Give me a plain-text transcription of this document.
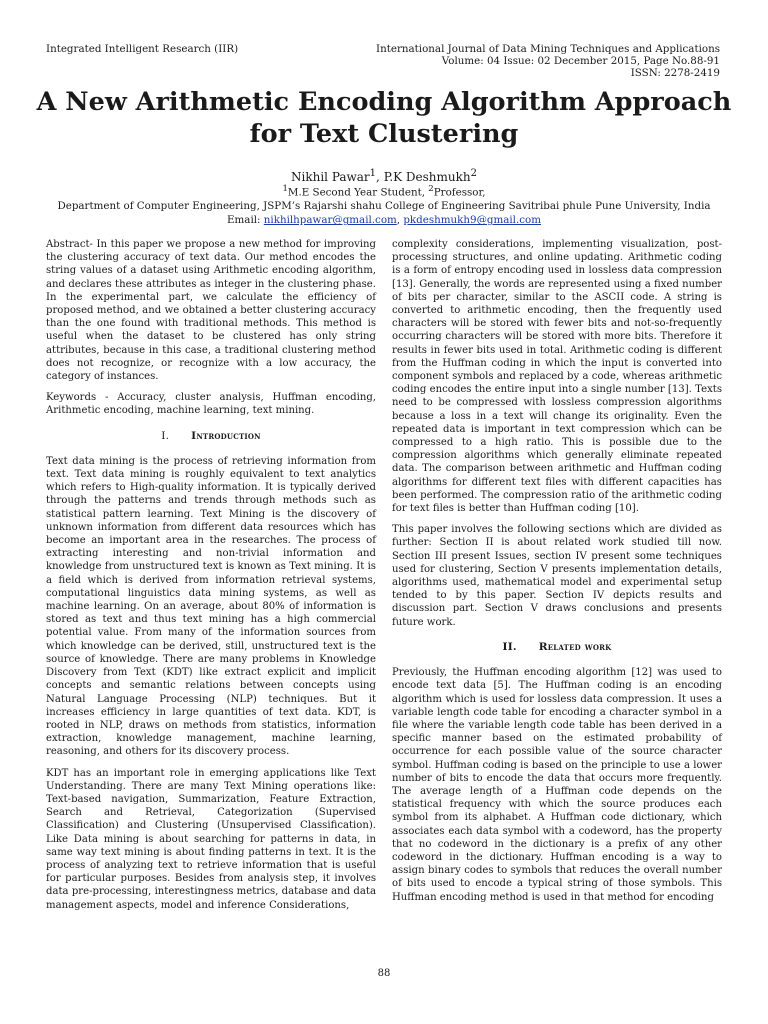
Integrated Intelligent Research (IIR)	International Journal of Data Mining Techniques and Applications
Volume: 04 Issue: 02 December 2015, Page No.88-91
ISSN: 2278-2419
A New Arithmetic Encoding Algorithm Approach
for Text Clustering
Nikhil Pawar$^1$, P.K Deshmukh$^2$
$^1$M.E Second Year Student, $^2$Professor,
Department of Computer Engineering, JSPM’s Rajarshi shahu College of Engineering Savitribai phule Pune University, India
Email: nikhilhpawar@gmail.com, pkdeshmukh9@gmail.com

Abstract- In this paper we propose a new method for improving the clustering accuracy of text data. Our method encodes the string values of a dataset using Arithmetic encoding algorithm, and declares these attributes as integer in the clustering phase. In the experimental part, we calculate the efficiency of proposed method, and we obtained a better clustering accuracy than the one found with traditional methods. This method is useful when the dataset to be clustered has only string attributes, because in this case, a traditional clustering method does not recognize, or recognize with a low accuracy, the category of instances.

Keywords - Accuracy, cluster analysis, Huffman encoding, Arithmetic encoding, machine learning, text mining.

I. Introduction

Text data mining is the process of retrieving information from text. Text data mining is roughly equivalent to text analytics which refers to High-quality information. It is typically derived through the patterns and trends through methods such as statistical pattern learning. Text Mining is the discovery of unknown information from different data resources which has become an important area in the researches. The process of extracting interesting and non-trivial information and knowledge from unstructured text is known as Text mining. It is a field which is derived from information retrieval systems, computational linguistics data mining systems, as well as machine learning. On an average, about 80% of information is stored as text and thus text mining has a high commercial potential value. From many of the information sources from which knowledge can be derived, still, unstructured text is the source of knowledge. There are many problems in Knowledge Discovery from Text (KDT) like extract explicit and implicit concepts and semantic relations between concepts using Natural Language Processing (NLP) techniques. But it increases efficiency in large quantities of text data. KDT, is rooted in NLP, draws on methods from statistics, information extraction, knowledge management, machine learning, reasoning, and others for its discovery process.

KDT has an important role in emerging applications like Text Understanding. There are many Text Mining operations like: Text-based navigation, Summarization, Feature Extraction, Search and Retrieval, Categorization (Supervised Classification) and Clustering (Unsupervised Classification). Like Data mining is about searching for patterns in data, in same way text mining is about finding patterns in text. It is the process of analyzing text to retrieve information that is useful for particular purposes. Besides from analysis step, it involves data pre-processing, interestingness metrics, database and data management aspects, model and inference Considerations,

complexity considerations, implementing visualization, post-processing structures, and online updating. Arithmetic coding is a form of entropy encoding used in lossless data compression [13]. Generally, the words are represented using a fixed number of bits per character, similar to the ASCII code. A string is converted to arithmetic encoding, then the frequently used characters will be stored with fewer bits and not-so-frequently occurring characters will be stored with more bits. Therefore it results in fewer bits used in total. Arithmetic coding is different from the Huffman coding in which the input is converted into component symbols and replaced by a code, whereas arithmetic coding encodes the entire input into a single number [13]. Texts need to be compressed with lossless compression algorithms because a loss in a text will change its originality. Even the repeated data is important in text compression which can be compressed to a high ratio. This is possible due to the compression algorithms which generally eliminate repeated data. The comparison between arithmetic and Huffman coding algorithms for different text files with different capacities has been performed. The compression ratio of the arithmetic coding for text files is better than Huffman coding [10].

This paper involves the following sections which are divided as further: Section II is about related work studied till now. Section III present Issues, section IV present some techniques used for clustering, Section V presents implementation details, algorithms used, mathematical model and experimental setup tended to by this paper. Section IV depicts results and discussion part. Section V draws conclusions and presents future work.

II. Related work

Previously, the Huffman encoding algorithm [12] was used to encode text data [5]. The Huffman coding is an encoding algorithm which is used for lossless data compression. It uses a variable length code table for encoding a character symbol in a file where the variable length code table has been derived in a specific manner based on the estimated probability of occurrence for each possible value of the source character symbol. Huffman coding is based on the principle to use a lower number of bits to encode the data that occurs more frequently. The average length of a Huffman code depends on the statistical frequency with which the source produces each symbol from its alphabet. A Huffman code dictionary, which associates each data symbol with a codeword, has the property that no codeword in the dictionary is a prefix of any other codeword in the dictionary. Huffman encoding is a way to assign binary codes to symbols that reduces the overall number of bits used to encode a typical string of those symbols. This Huffman encoding method is used in that method for encoding

88
